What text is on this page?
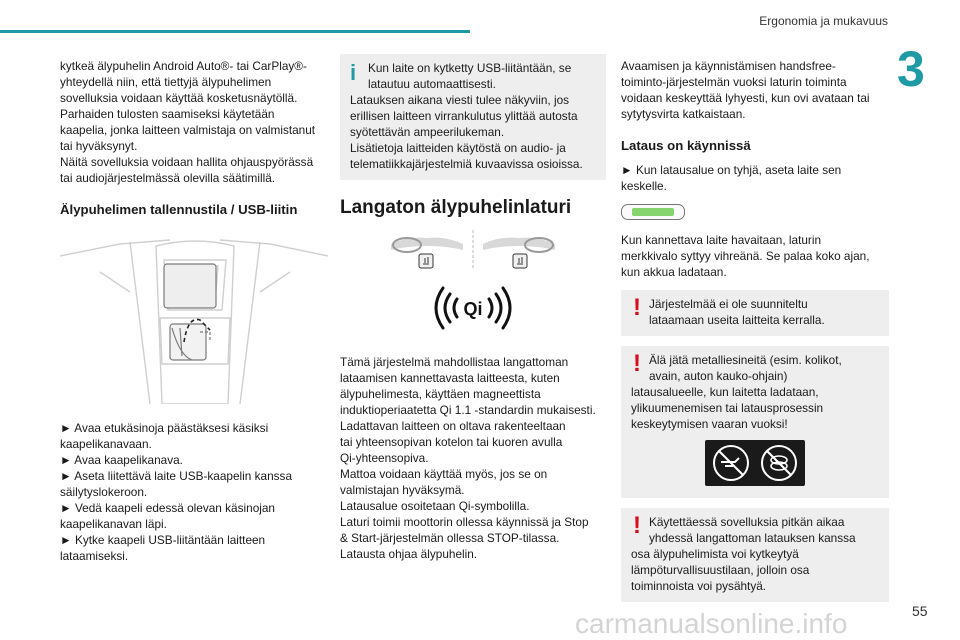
Ergonomia ja mukavuus
3

kytkeä älypuhelin Android Auto®- tai CarPlay®-

yhteydellä niin, että tiettyjä älypuhelimen

sovelluksia voidaan käyttää kosketusnäytöllä.

Parhaiden tulosten saamiseksi käytetään

kaapelia, jonka laitteen valmistaja on valmistanut

tai hyväksynyt.

Näitä sovelluksia voidaan hallita ohjauspyörässä

tai audiojärjestelmässä olevilla säätimillä.

Älypuhelimen tallennustila / USB-liitin

► Avaa etukäsinoja päästäksesi käsiksi

kaapelikanavaan.

► Avaa kaapelikanava.

► Aseta liitettävä laite USB-kaapelin kanssa

säilytyslokeroon.

► Vedä kaapeli edessä olevan käsinojan

kaapelikanavan läpi.

► Kytke kaapeli USB-liitäntään laitteen

lataamiseksi.

i	Kun laite on kytketty USB-liitäntään, se

latautuu automaattisesti.

Latauksen aikana viesti tulee näkyviin, jos

erillisen laitteen virrankulutus ylittää autosta

syötettävän ampeerilukeman.

Lisätietoja laitteiden käytöstä on audio- ja

telematiikkajärjestelmiä kuvaavissa osioissa.

Langaton älypuhelinlaturi
Qi

Tämä järjestelmä mahdollistaa langattoman

lataamisen kannettavasta laitteesta, kuten

älypuhelimesta, käyttäen magneettista

induktioperiaatetta Qi 1.1 -standardin mukaisesti.

Ladattavan laitteen on oltava rakenteeltaan

tai yhteensopivan kotelon tai kuoren avulla

Qi-yhteensopiva.

Mattoa voidaan käyttää myös, jos se on

valmistajan hyväksymä.

Latausalue osoitetaan Qi-symbolilla.

Laturi toimii moottorin ollessa käynnissä ja Stop

& Start-järjestelmän ollessa STOP-tilassa.

Latausta ohjaa älypuhelin.

Avaamisen ja käynnistämisen handsfree-

toiminto-järjestelmän vuoksi laturin toiminta

voidaan keskeyttää lyhyesti, kun ovi avataan tai

sytytysvirta katkaistaan.

Lataus on käynnissä

► Kun latausalue on tyhjä, aseta laite sen

keskelle.

Kun kannettava laite havaitaan, laturin

merkkivalo syttyy vihreänä. Se palaa koko ajan,

kun akkua ladataan.

! Järjestelmää ei ole suunniteltu

lataamaan useita laitteita kerralla.

! Älä jätä metalliesineitä (esim. kolikot,

avain, auton kauko-ohjain)

latausalueelle, kun laitetta ladataan,

ylikuumenemisen tai latausprosessin

keskeytymisen vaaran vuoksi!

! Käytettäessä sovelluksia pitkän aikaa

yhdessä langattoman latauksen kanssa

osa älypuhelimista voi kytkeytyä

lämpöturvallisuustilaan, jolloin osa

toiminnoista voi pysähtyä.

carmanualsonline.info	55
